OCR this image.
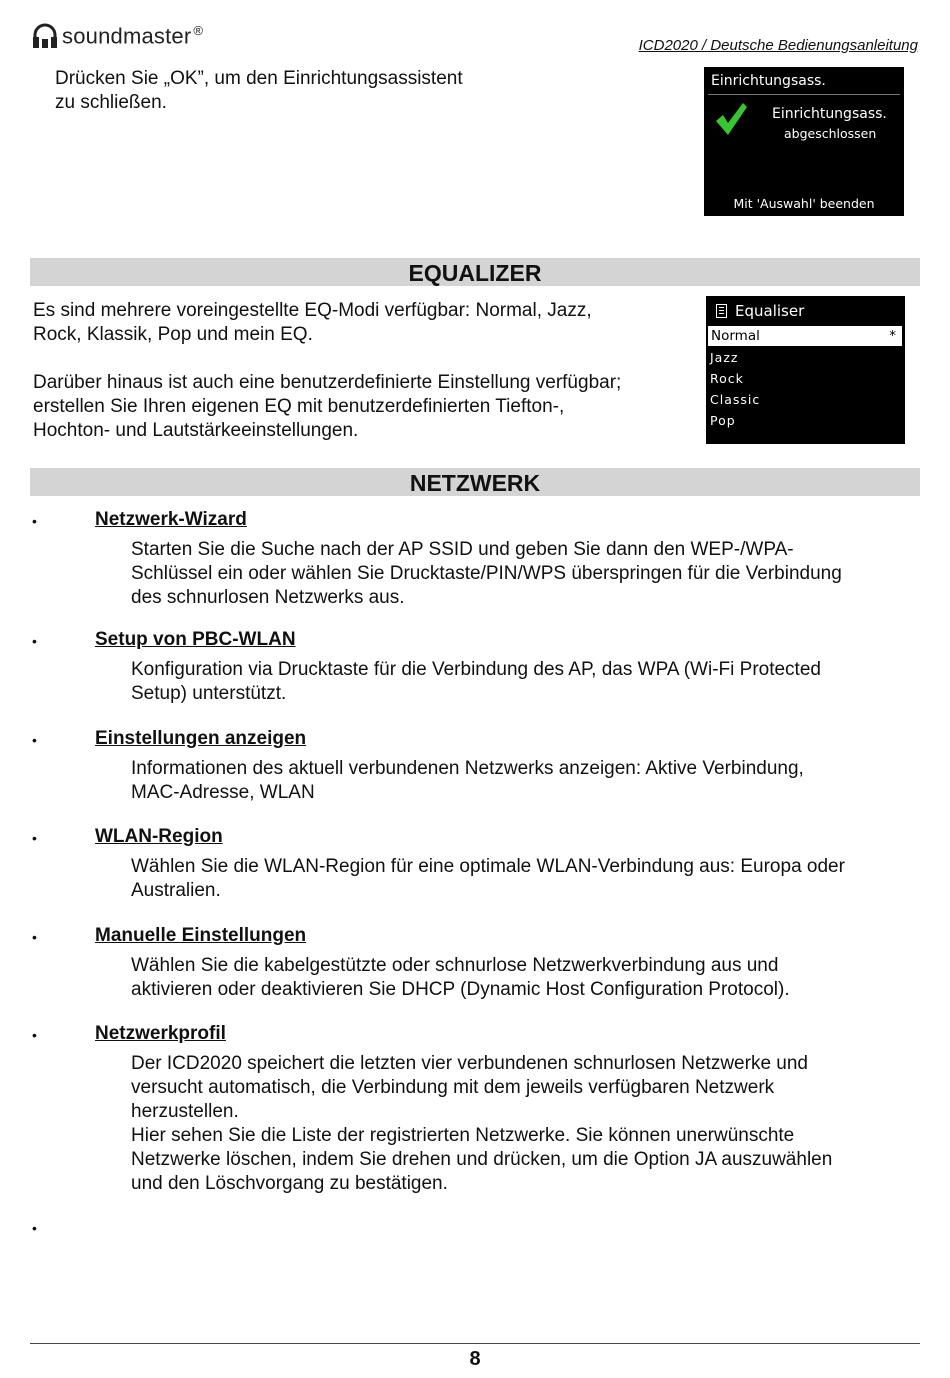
soundmaster ®
ICD2020 / Deutsche Bedienungsanleitung
Drücken Sie „OK”, um den Einrichtungsassistent
zu schließen.
Einrichtungsass.
Einrichtungsass.
abgeschlossen
Mit 'Auswahl' beenden
EQUALIZER
Es sind mehrere voreingestellte EQ-Modi verfügbar: Normal, Jazz,
Rock, Klassik, Pop und mein EQ.
Darüber hinaus ist auch eine benutzerdefinierte Einstellung verfügbar;
erstellen Sie Ihren eigenen EQ mit benutzerdefinierten Tiefton-,
Hochton- und Lautstärkeeinstellungen.
Equaliser
Normal	*
Jazz
Rock
Classic
Pop
NETZWERK
•	Netzwerk-Wizard
Starten Sie die Suche nach der AP SSID und geben Sie dann den WEP-/WPA-
Schlüssel ein oder wählen Sie Drucktaste/PIN/WPS überspringen für die Verbindung
des schnurlosen Netzwerks aus.
•	Setup von PBC-WLAN
Konfiguration via Drucktaste für die Verbindung des AP, das WPA (Wi-Fi Protected
Setup) unterstützt.
•	Einstellungen anzeigen
Informationen des aktuell verbundenen Netzwerks anzeigen: Aktive Verbindung,
MAC-Adresse, WLAN
•	WLAN-Region
Wählen Sie die WLAN-Region für eine optimale WLAN-Verbindung aus: Europa oder
Australien.
•	Manuelle Einstellungen
Wählen Sie die kabelgestützte oder schnurlose Netzwerkverbindung aus und
aktivieren oder deaktivieren Sie DHCP (Dynamic Host Configuration Protocol).
•	Netzwerkprofil
Der ICD2020 speichert die letzten vier verbundenen schnurlosen Netzwerke und
versucht automatisch, die Verbindung mit dem jeweils verfügbaren Netzwerk
herzustellen.
Hier sehen Sie die Liste der registrierten Netzwerke. Sie können unerwünschte
Netzwerke löschen, indem Sie drehen und drücken, um die Option JA auszuwählen
und den Löschvorgang zu bestätigen.
•
8
